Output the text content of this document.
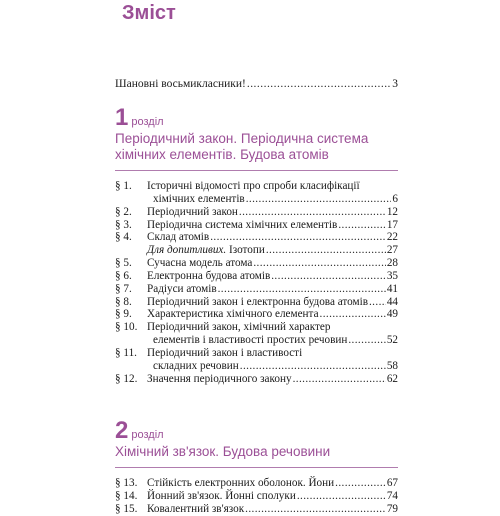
Зміст
Шановні восьмикласники! . . .	3
1 розділ
Періодичний закон. Періодична система
хімічних елементів. Будова атомів
§ 1. Історичні відомості про спроби класифікації
хімічних елементів . . .	6
§ 2. Періодичний закон . . .	12
§ 3. Періодична система хімічних елементів . . .	17
§ 4. Склад атомів . . .	22
Для допитливих. Ізотопи . . .	27
§ 5. Сучасна модель атома . . .	28
§ 6. Електронна будова атомів . . .	35
§ 7. Радіуси атомів . . .	41
§ 8. Періодичний закон і електронна будова атомів . . . 44
§ 9. Характеристика хімічного елемента . . .	49
§ 10. Періодичний закон, хімічний характер
елементів і властивості простих речовин . . .	52
§ 11. Періодичний закон і властивості
складних речовин . . .	58
§ 12. Значення періодичного закону . . .	62
2 розділ
Хімічний зв'язок. Будова речовини
§ 13. Стійкість електронних оболонок. Йони . . .	67
§ 14. Йонний зв'язок. Йонні сполуки . . .	74
§ 15. Ковалентний зв'язок . . .	79
